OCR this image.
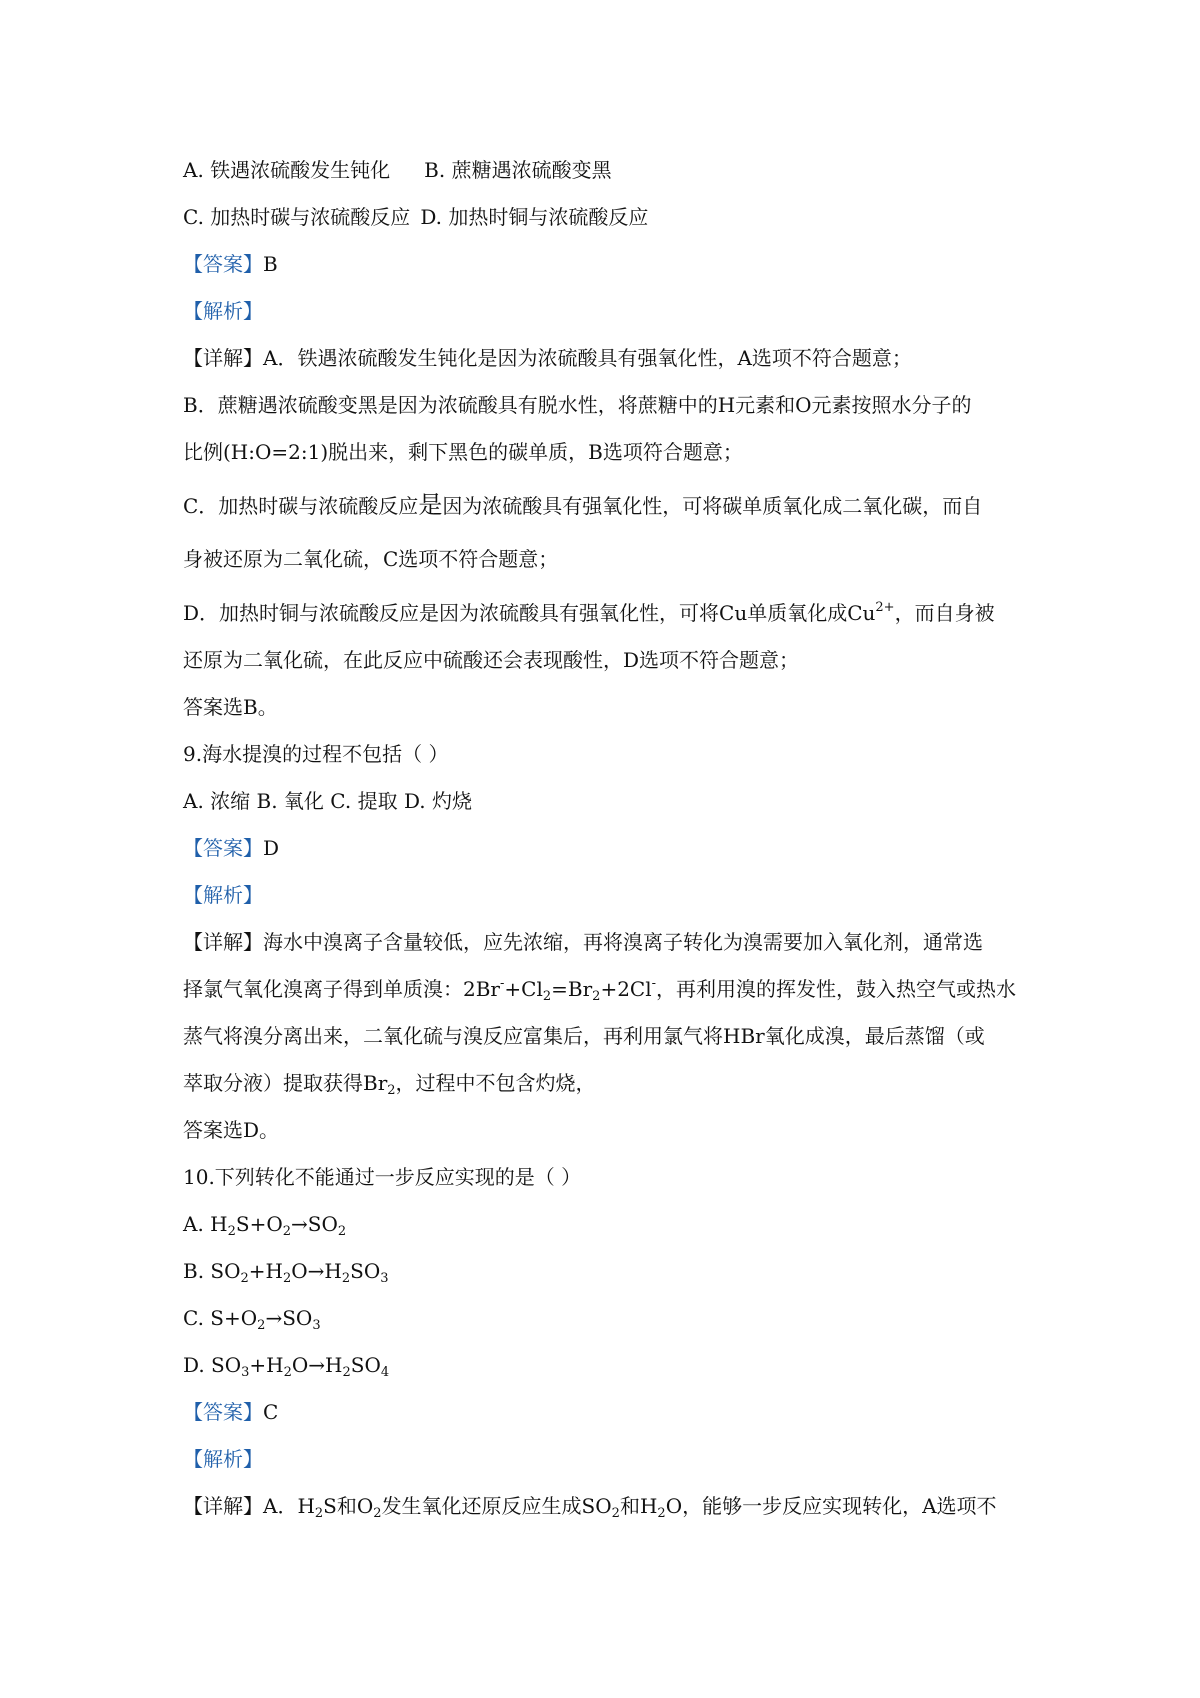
A. 铁遇浓硫酸发生钝化 B. 蔗糖遇浓硫酸变黑
C. 加热时碳与浓硫酸反应 D. 加热时铜与浓硫酸反应
【答案】B
【解析】
【详解】A．铁遇浓硫酸发生钝化是因为浓硫酸具有强氧化性，A选项不符合题意；
B．蔗糖遇浓硫酸变黑是因为浓硫酸具有脱水性，将蔗糖中的H元素和O元素按照水分子的
比例(H:O=2:1)脱出来，剩下黑色的碳单质，B选项符合题意；
C．加热时碳与浓硫酸反应是因为浓硫酸具有强氧化性，可将碳单质氧化成二氧化碳，而自
身被还原为二氧化硫，C选项不符合题意；
D．加热时铜与浓硫酸反应是因为浓硫酸具有强氧化性，可将Cu单质氧化成$Cu^{2+}$，而自身被
还原为二氧化硫，在此反应中硫酸还会表现酸性，D选项不符合题意；
答案选B。
9.海水提溴的过程不包括（ ）
A. 浓缩 B. 氧化 C. 提取 D. 灼烧
【答案】D
【解析】
【详解】海水中溴离子含量较低，应先浓缩，再将溴离子转化为溴需要加入氧化剂，通常选
择氯气氧化溴离子得到单质溴：$2Br^-+Cl_2=Br_2+2Cl^-$，再利用溴的挥发性，鼓入热空气或热水
蒸气将溴分离出来，二氧化硫与溴反应富集后，再利用氯气将HBr氧化成溴，最后蒸馏（或
萃取分液）提取获得$Br_2$，过程中不包含灼烧，
答案选D。
10.下列转化不能通过一步反应实现的是（ ）
A. $H_2S+O_2\to SO_2$
B. $SO_2+H_2O\to H_2SO_3$
C. $S+O_2\to SO_3$
D. $SO_3+H_2O\to H_2SO_4$
【答案】C
【解析】
【详解】A．$H_2S$和$O_2$发生氧化还原反应生成$SO_2$和$H_2O$，能够一步反应实现转化，A选项不
